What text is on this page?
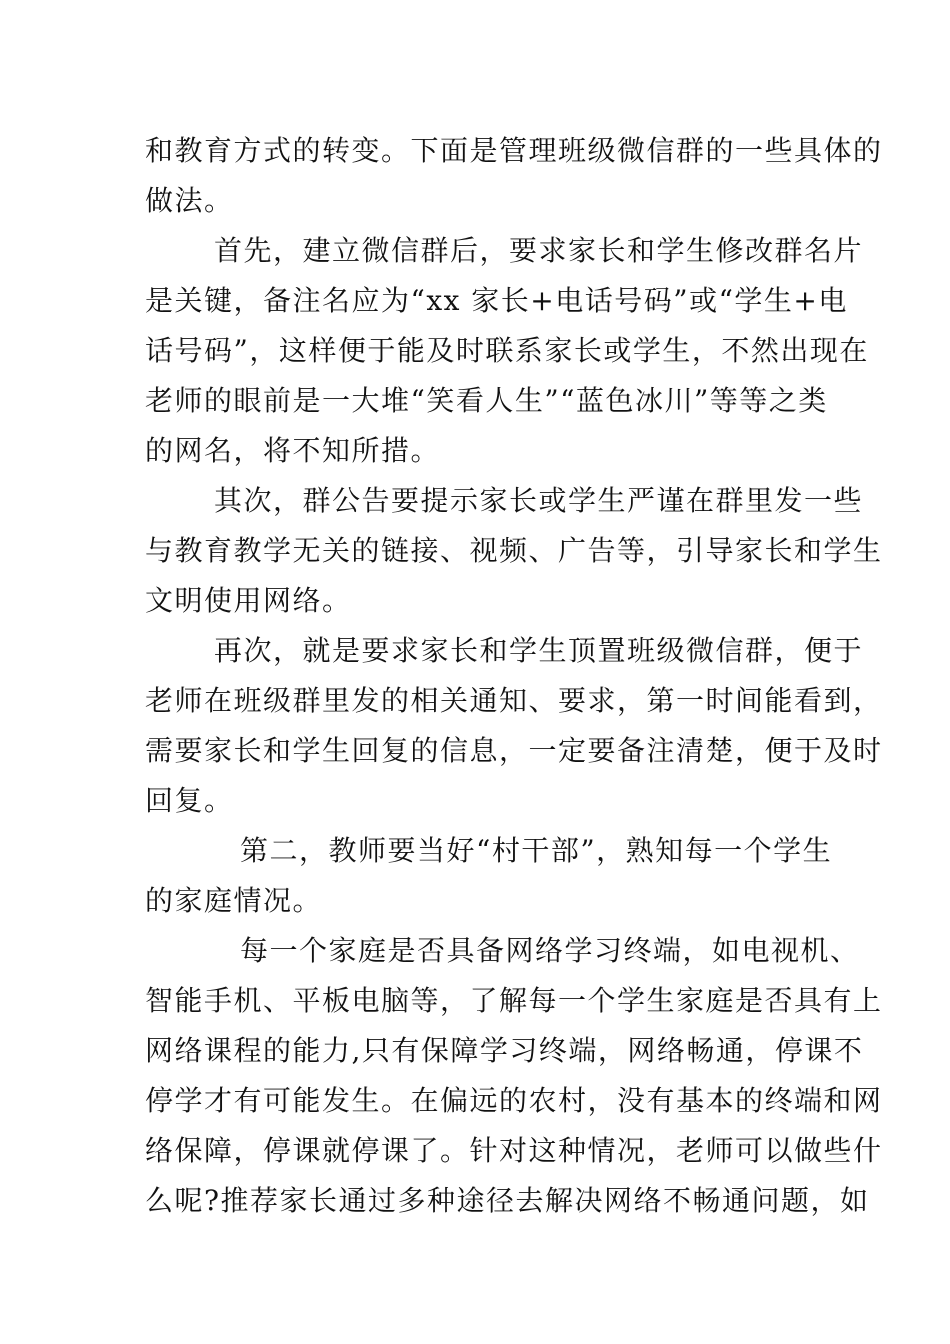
和教育方式的转变。下面是管理班级微信群的一些具体的
做法。
首先，建立微信群后，要求家长和学生修改群名片
是关键，备注名应为“xx 家长+电话号码”或“学生+电
话号码”，这样便于能及时联系家长或学生，不然出现在
老师的眼前是一大堆“笑看人生”“蓝色冰川”等等之类
的网名，将不知所措。
其次，群公告要提示家长或学生严谨在群里发一些
与教育教学无关的链接、视频、广告等，引导家长和学生
文明使用网络。
再次，就是要求家长和学生顶置班级微信群，便于
老师在班级群里发的相关通知、要求，第一时间能看到，
需要家长和学生回复的信息，一定要备注清楚，便于及时
回复。
第二，教师要当好“村干部”，熟知每一个学生
的家庭情况。
每一个家庭是否具备网络学习终端，如电视机、
智能手机、平板电脑等，了解每一个学生家庭是否具有上
网络课程的能力,只有保障学习终端，网络畅通，停课不
停学才有可能发生。在偏远的农村，没有基本的终端和网
络保障，停课就停课了。针对这种情况，老师可以做些什
么呢?推荐家长通过多种途径去解决网络不畅通问题，如
